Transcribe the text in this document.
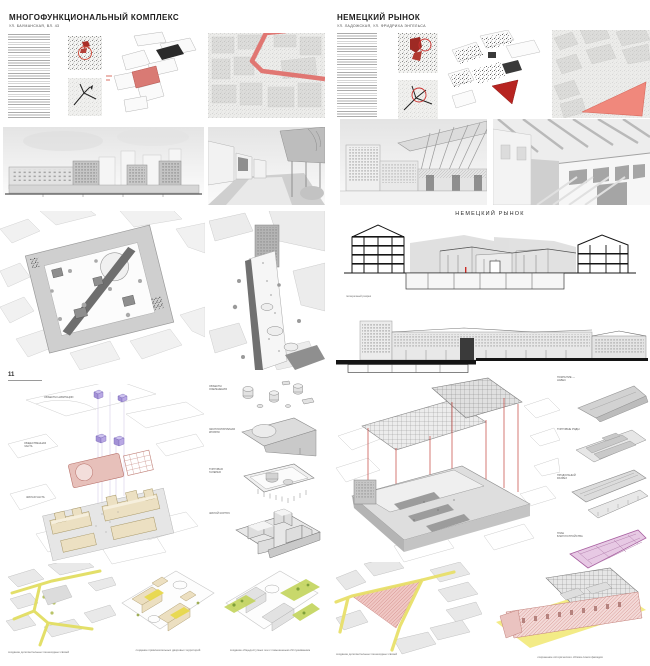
МНОГОФУНКЦИОНАЛЬНЫЙ КОМПЛЕКС
УЛ. БАУМАНСКАЯ, ВЛ. 43
11
ОБЪЕКТЫ НАВИГАЦИИ
ОБЩЕСТВЕННАЯ ЧАСТЬ
ЖИЛАЯ ЧАСТЬ
ОБЪЕКТЫ ОЗЕЛЕНЕНИЯ
ЭКСПЛУАТИРУЕМАЯ КРОВЛЯ
ТОРГОВАЯ ГАЛЕРЕЯ
ЖИЛОЙ КОРПУС
создание дополнительных пешеходных связей	создание привлекательных дворовых территорий	создание общедоступных зон с повышенным обслуживанием
НЕМЕЦКИЙ РЫНОК
УЛ. ЛАДОЖСКАЯ, УЛ. ФРИДРИХА ЭНГЕЛЬСА
НЕМЕЦКИЙ РЫНОК
поперечный разрез
ПОКРЫТИЕ — НАВЕС
ТОРГОВЫЕ РЯДЫ
ПРОДОЛЬНЫЙ РАЗРЕЗ
ПЛАН БЛАГОУСТРОЙСТВА
создание дополнительных пешеходных связей
сохранение исторического облика линии фасадов
